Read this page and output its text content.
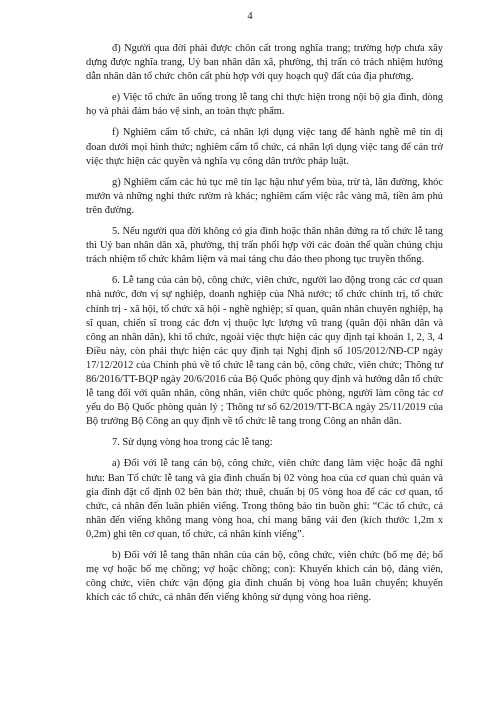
4

đ) Người qua đời phải được chôn cất trong nghĩa trang; trường hợp chưa xây dựng được nghĩa trang, Uỷ ban nhân dân xã, phường, thị trấn có trách nhiệm hướng dẫn nhân dân tổ chức chôn cất phù hợp với quy hoạch quỹ đất của địa phương.

e) Việc tổ chức ăn uống trong lễ tang chỉ thực hiện trong nội bộ gia đình, dòng họ và phải đảm bảo vệ sinh, an toàn thực phẩm.

f) Nghiêm cấm tổ chức, cá nhân lợi dụng việc tang để hành nghề mê tín dị đoan dưới mọi hình thức; nghiêm cấm tổ chức, cá nhân lợi dụng việc tang để cản trở việc thực hiện các quyền và nghĩa vụ công dân trước pháp luật.

g) Nghiêm cấm các hủ tục mê tín lạc hậu như yểm bùa, trừ tà, lăn đường, khóc mướn và những nghi thức rườm rà khác; nghiêm cấm việc rắc vàng mã, tiền âm phủ trên đường.

5. Nếu người qua đời không có gia đình hoặc thân nhân đứng ra tổ chức lễ tang thì Uỷ ban nhân dân xã, phường, thị trấn phối hợp với các đoàn thể quần chúng chịu trách nhiệm tổ chức khâm liệm và mai táng chu đáo theo phong tục truyền thống.

6. Lễ tang của cán bộ, công chức, viên chức, người lao động trong các cơ quan nhà nước, đơn vị sự nghiệp, doanh nghiệp của Nhà nước; tổ chức chính trị, tổ chức chính trị - xã hội, tổ chức xã hội - nghề nghiệp; sĩ quan, quân nhân chuyên nghiệp, hạ sĩ quan, chiến sĩ trong các đơn vị thuộc lực lượng vũ trang (quân đội nhân dân và công an nhân dân), khi tổ chức, ngoài việc thực hiện các quy định tại khoản 1, 2, 3, 4 Điều này, còn phải thực hiện các quy định tại Nghị định số 105/2012/NĐ-CP ngày 17/12/2012 của Chính phủ về tổ chức lễ tang cán bộ, công chức, viên chức; Thông tư 86/2016/TT-BQP ngày 20/6/2016 của Bộ Quốc phòng quy định và hướng dẫn tổ chức lễ tang đối với quân nhân, công nhân, viên chức quốc phòng, người làm công tác cơ yếu do Bộ Quốc phòng quản lý ; Thông tư số 62/2019/TT-BCA ngày 25/11/2019 của Bộ trưởng Bộ Công an quy định về tổ chức lễ tang trong Công an nhân dân.

7. Sử dụng vòng hoa trong các lễ tang:

a) Đối với lễ tang cán bộ, công chức, viên chức đang làm việc hoặc đã nghỉ hưu: Ban Tổ chức lễ tang và gia đình chuẩn bị 02 vòng hoa của cơ quan chủ quản và gia đình đặt cố định 02 bên bàn thờ; thuê, chuẩn bị 05 vòng hoa để các cơ quan, tổ chức, cá nhân đến luân phiên viếng. Trong thông báo tin buồn ghi: “Các tổ chức, cá nhân đến viếng không mang vòng hoa, chỉ mang băng vải đen (kích thước 1,2m x 0,2m) ghi tên cơ quan, tổ chức, cá nhân kính viếng”.

b) Đối với lễ tang thân nhân của cán bộ, công chức, viên chức (bố mẹ đẻ; bố mẹ vợ hoặc bố mẹ chồng; vợ hoặc chồng; con): Khuyến khích cán bộ, đảng viên, công chức, viên chức vận động gia đình chuẩn bị vòng hoa luân chuyển; khuyến khích các tổ chức, cá nhân đến viếng không sử dụng vòng hoa riêng.
